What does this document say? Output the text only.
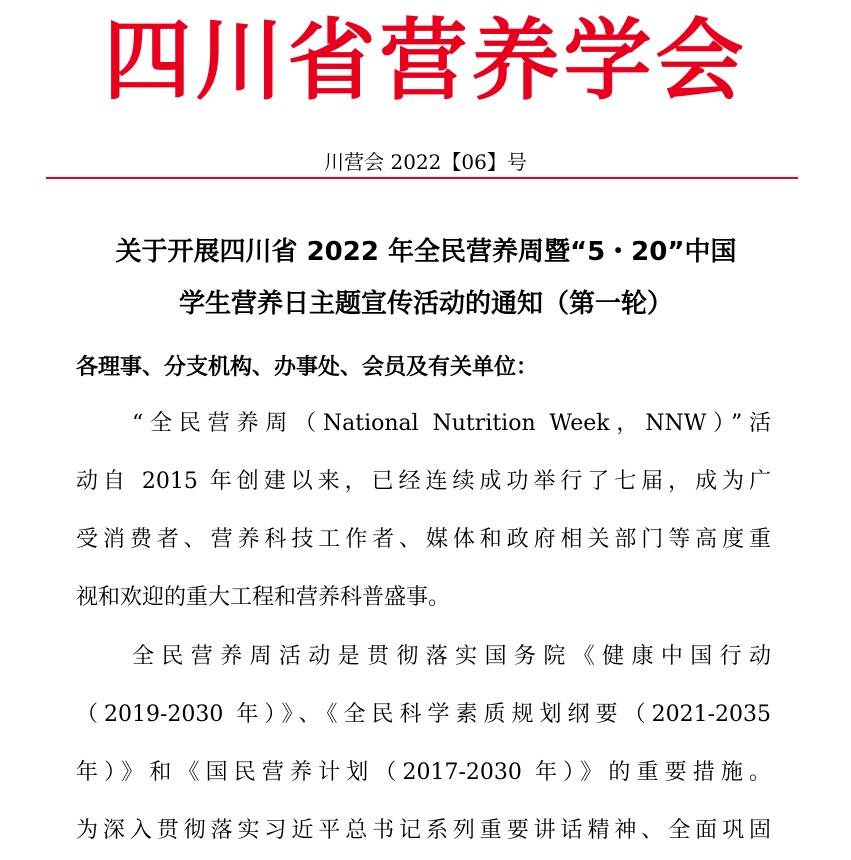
四川省营养学会
川营会 2022【06】号
关于开展四川省 2022 年全民营养周暨“5・20”中国
学生营养日主题宣传活动的通知（第一轮）
各理事、分支机构、办事处、会员及有关单位：
“全民营养周（National Nutrition Week，NNW）”活
动自 2015 年创建以来，已经连续成功举行了七届，成为广
受消费者、营养科技工作者、媒体和政府相关部门等高度重
视和欢迎的重大工程和营养科普盛事。
全民营养周活动是贯彻落实国务院《健康中国行动
（2019-2030 年）》、《全民科学素质规划纲要（2021-2035
年）》和《国民营养计划（2017-2030 年）》的重要措施。
为深入贯彻落实习近平总书记系列重要讲话精神、全面巩固
